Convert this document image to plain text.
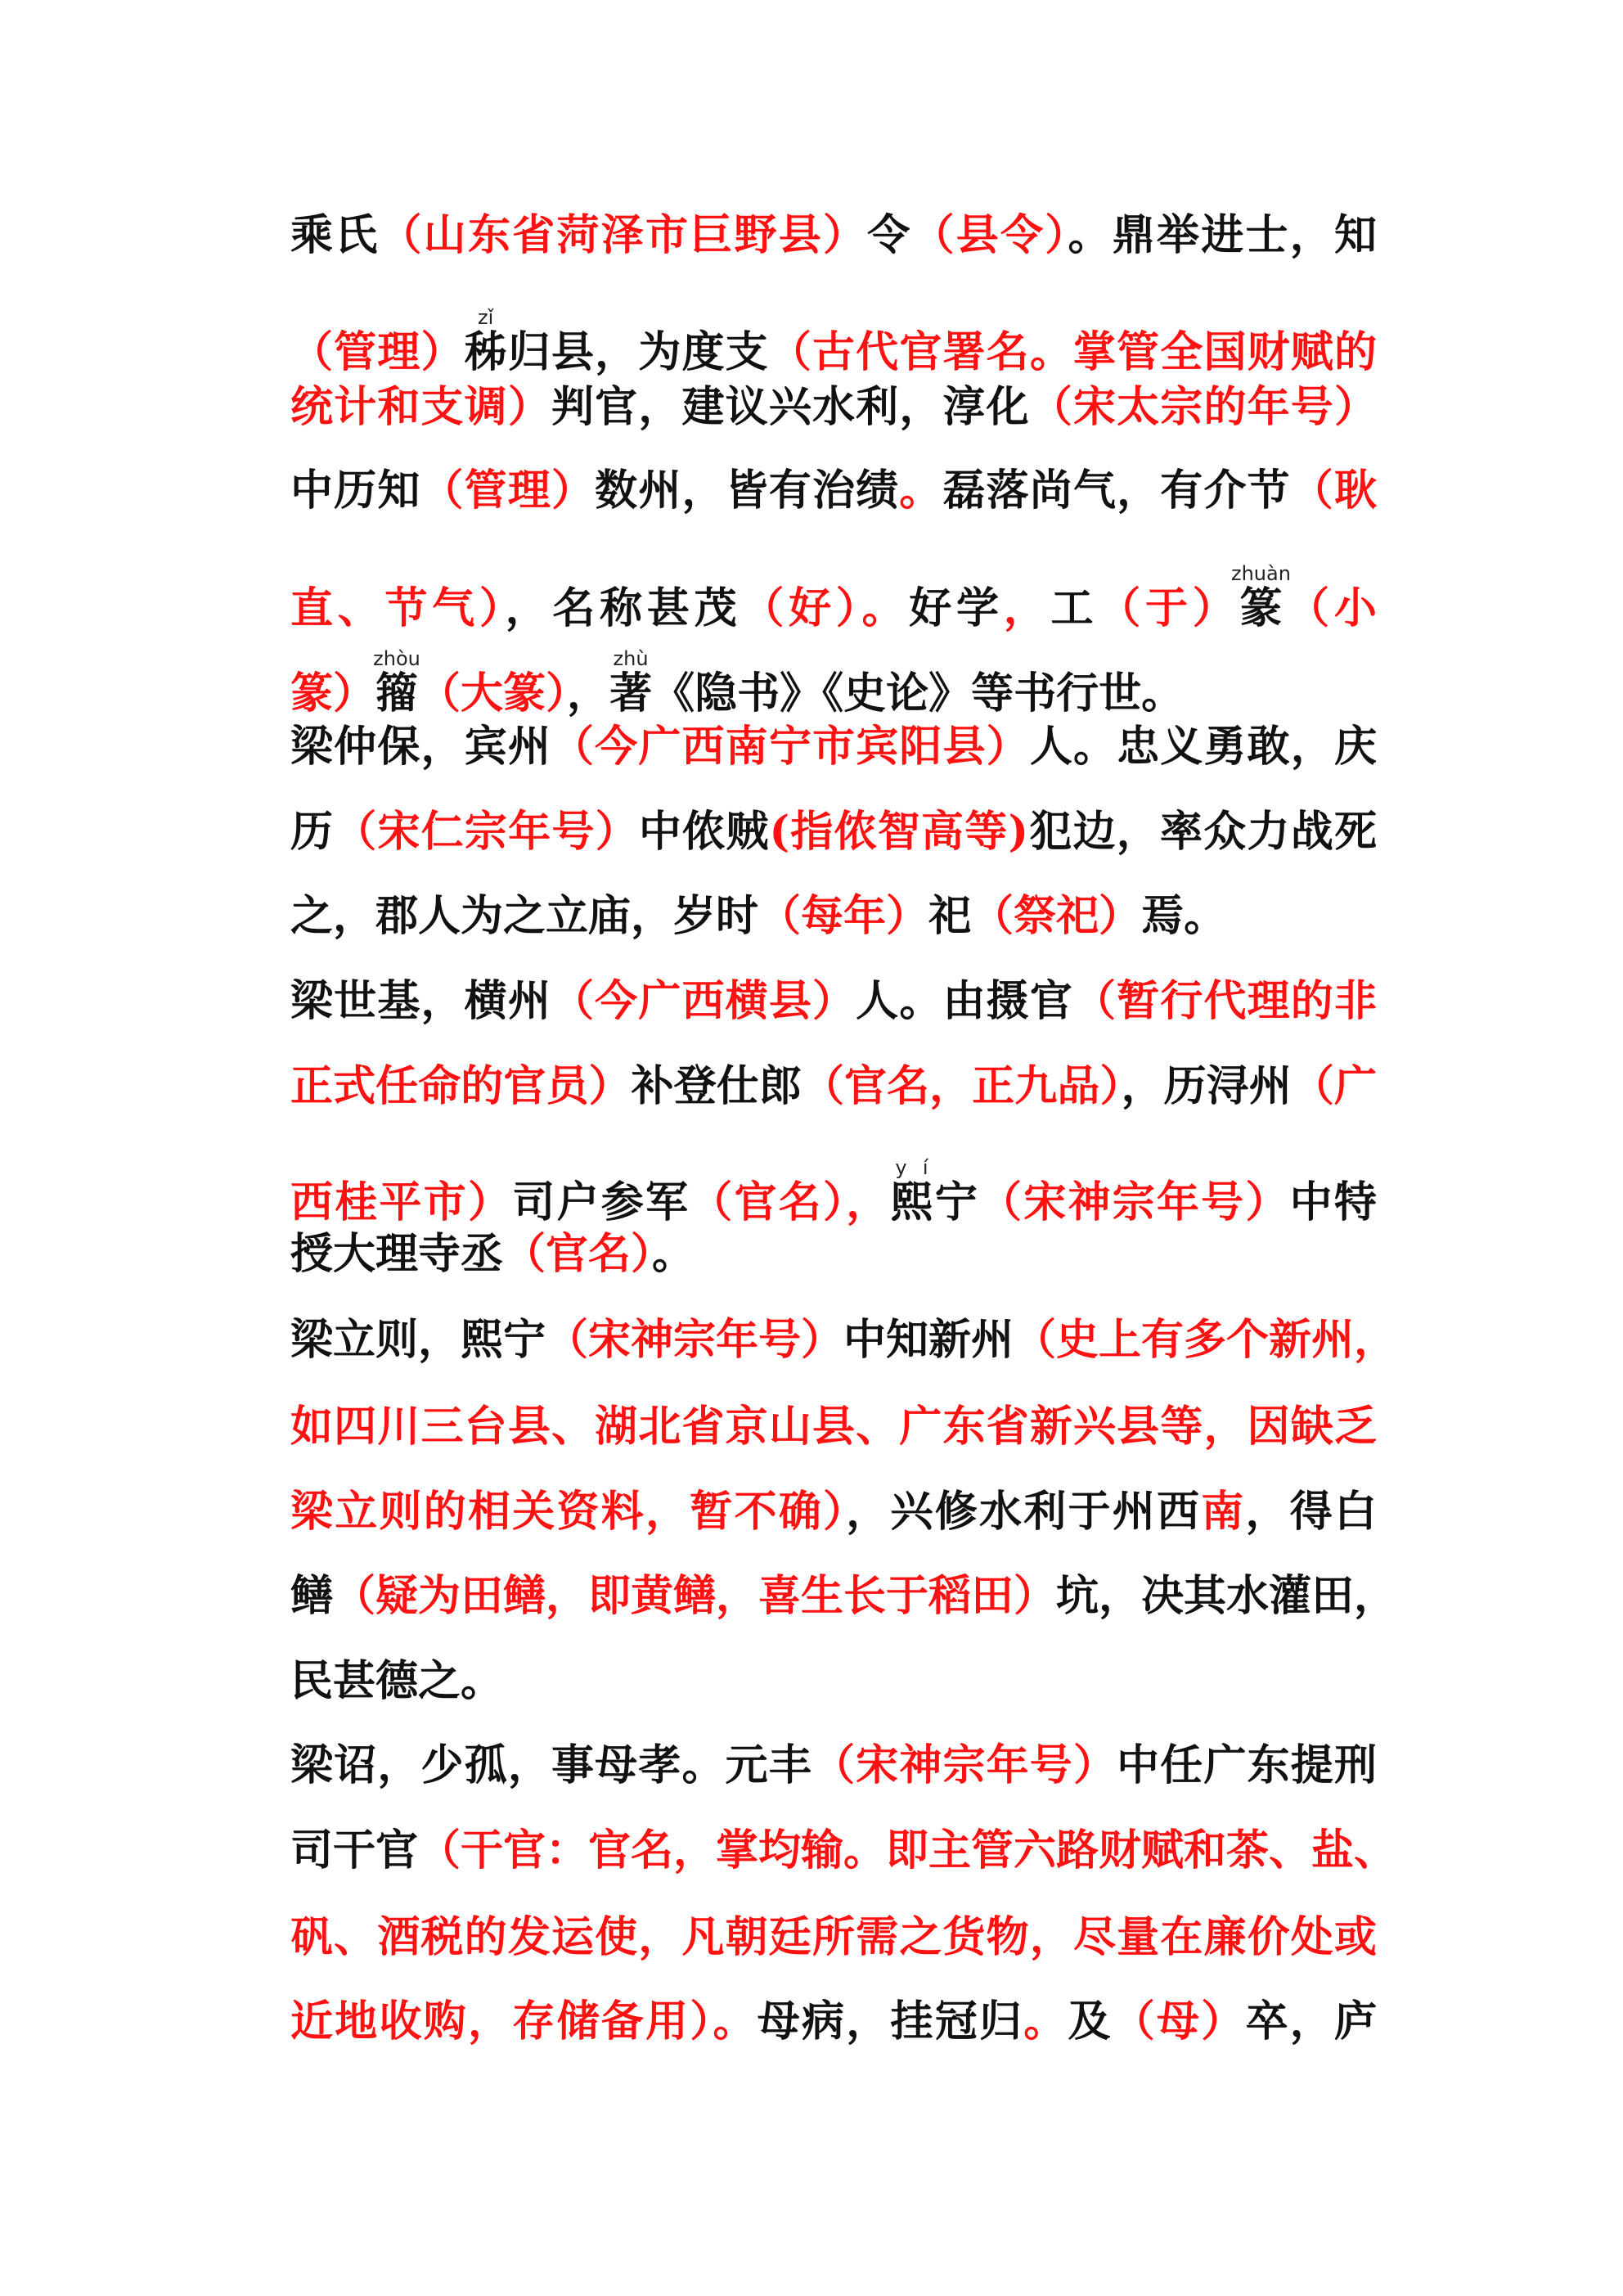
乘氏（山东省菏泽市巨野县）令（县令）。鼎举进士，知
（管理）秭zǐ归县，为度支（古代官署名。掌管全国财赋的
统计和支调）判官，建议兴水利，淳化（宋太宗的年号）
中历知（管理）数州，皆有治绩。磊落尚气，有介节（耿
直、节气），名称甚茂（好）。好学，工（于）篆zhuàn（小
篆）籀zhòu（大篆），著zhù《隐书》《史论》等书行世。
梁仲保，宾州（今广西南宁市宾阳县）人。忠义勇敢，庆
历（宋仁宗年号）中侬贼(指侬智高等)犯边，率众力战死
之，郡人为之立庙，岁时（每年）祀（祭祀）焉。
梁世基，横州（今广西横县）人。由摄官（暂行代理的非
正式任命的官员）补登仕郎（官名，正九品），历浔州（广
西桂平市）司户参军（官名），熙y í宁（宋神宗年号）中特
授大理寺丞（官名）。
梁立则，熙宁（宋神宗年号）中知新州（史上有多个新州，
如四川三台县、湖北省京山县、广东省新兴县等，因缺乏
梁立则的相关资料，暂不确），兴修水利于州西南，得白
鳝（疑为田鳝，即黄鳝，喜生长于稻田）坑，决其水灌田，
民甚德之。
梁诏，少孤，事母孝。元丰（宋神宗年号）中任广东提刑
司干官（干官：官名，掌均输。即主管六路财赋和茶、盐、
矾、酒税的发运使，凡朝廷所需之货物，尽量在廉价处或
近地收购，存储备用）。母病，挂冠归。及（母）卒，庐
